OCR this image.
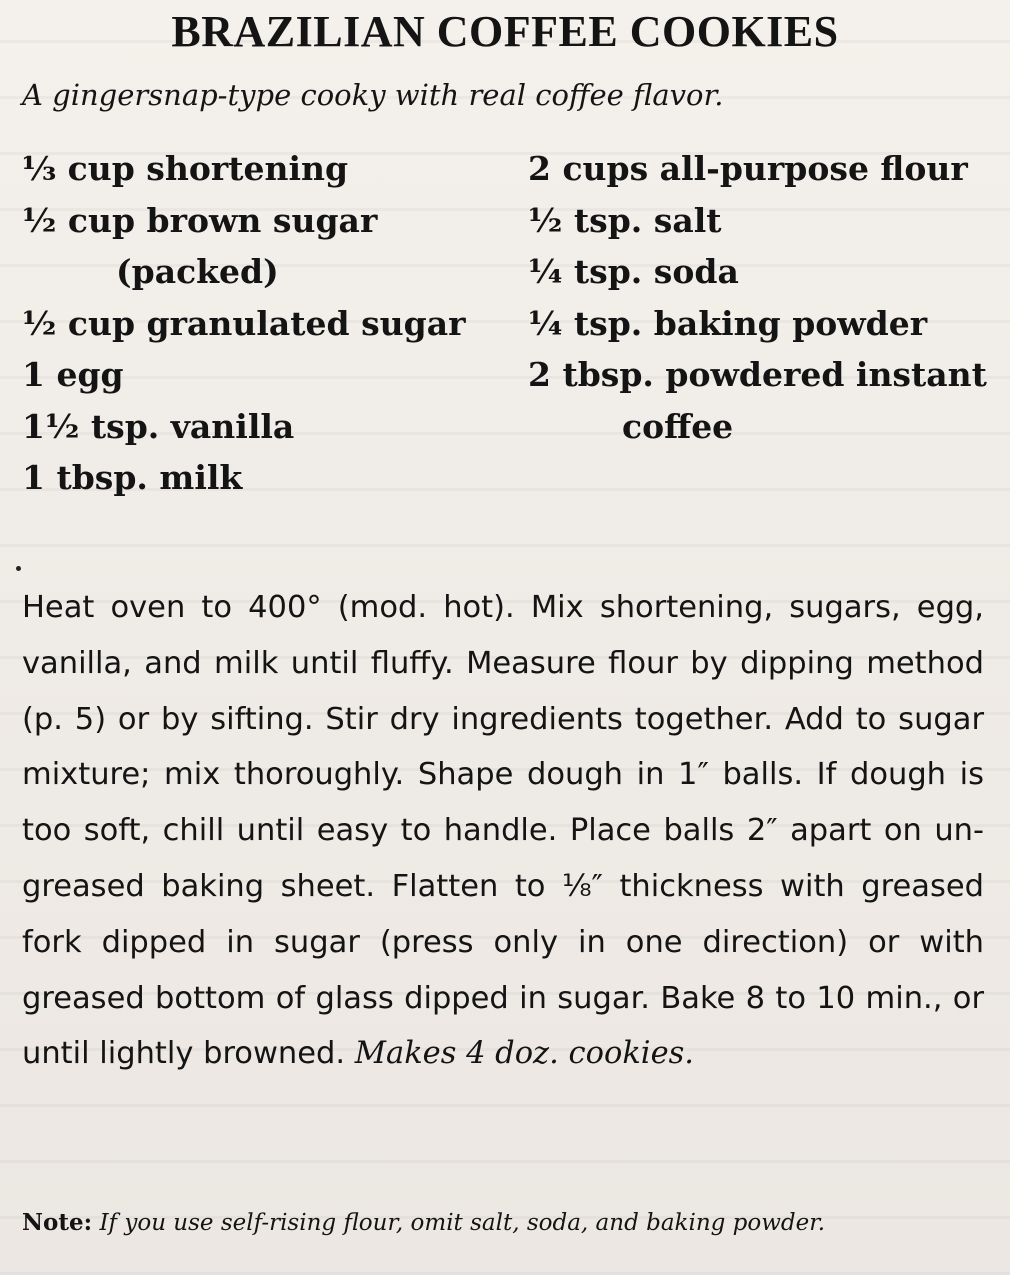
BRAZILIAN COFFEE COOKIES

A gingersnap-type cooky with real coffee flavor.

⅓ cup shortening
½ cup brown sugar (packed)
½ cup granulated sugar
1 egg
1½ tsp. vanilla
1 tbsp. milk
2 cups all-purpose flour
½ tsp. salt
¼ tsp. soda
¼ tsp. baking powder
2 tbsp. powdered instant coffee

Heat oven to 400° (mod. hot). Mix shortening, sugars, egg, vanilla, and milk until fluffy. Measure flour by dipping method (p. 5) or by sifting. Stir dry ingredients together. Add to sugar mixture; mix thoroughly. Shape dough in 1″ balls. If dough is too soft, chill until easy to handle. Place balls 2″ apart on ungreased baking sheet. Flatten to ⅛″ thickness with greased fork dipped in sugar (press only in one direction) or with greased bottom of glass dipped in sugar. Bake 8 to 10 min., or until lightly browned. Makes 4 doz. cookies.

Note: If you use self-rising flour, omit salt, soda, and baking powder.
